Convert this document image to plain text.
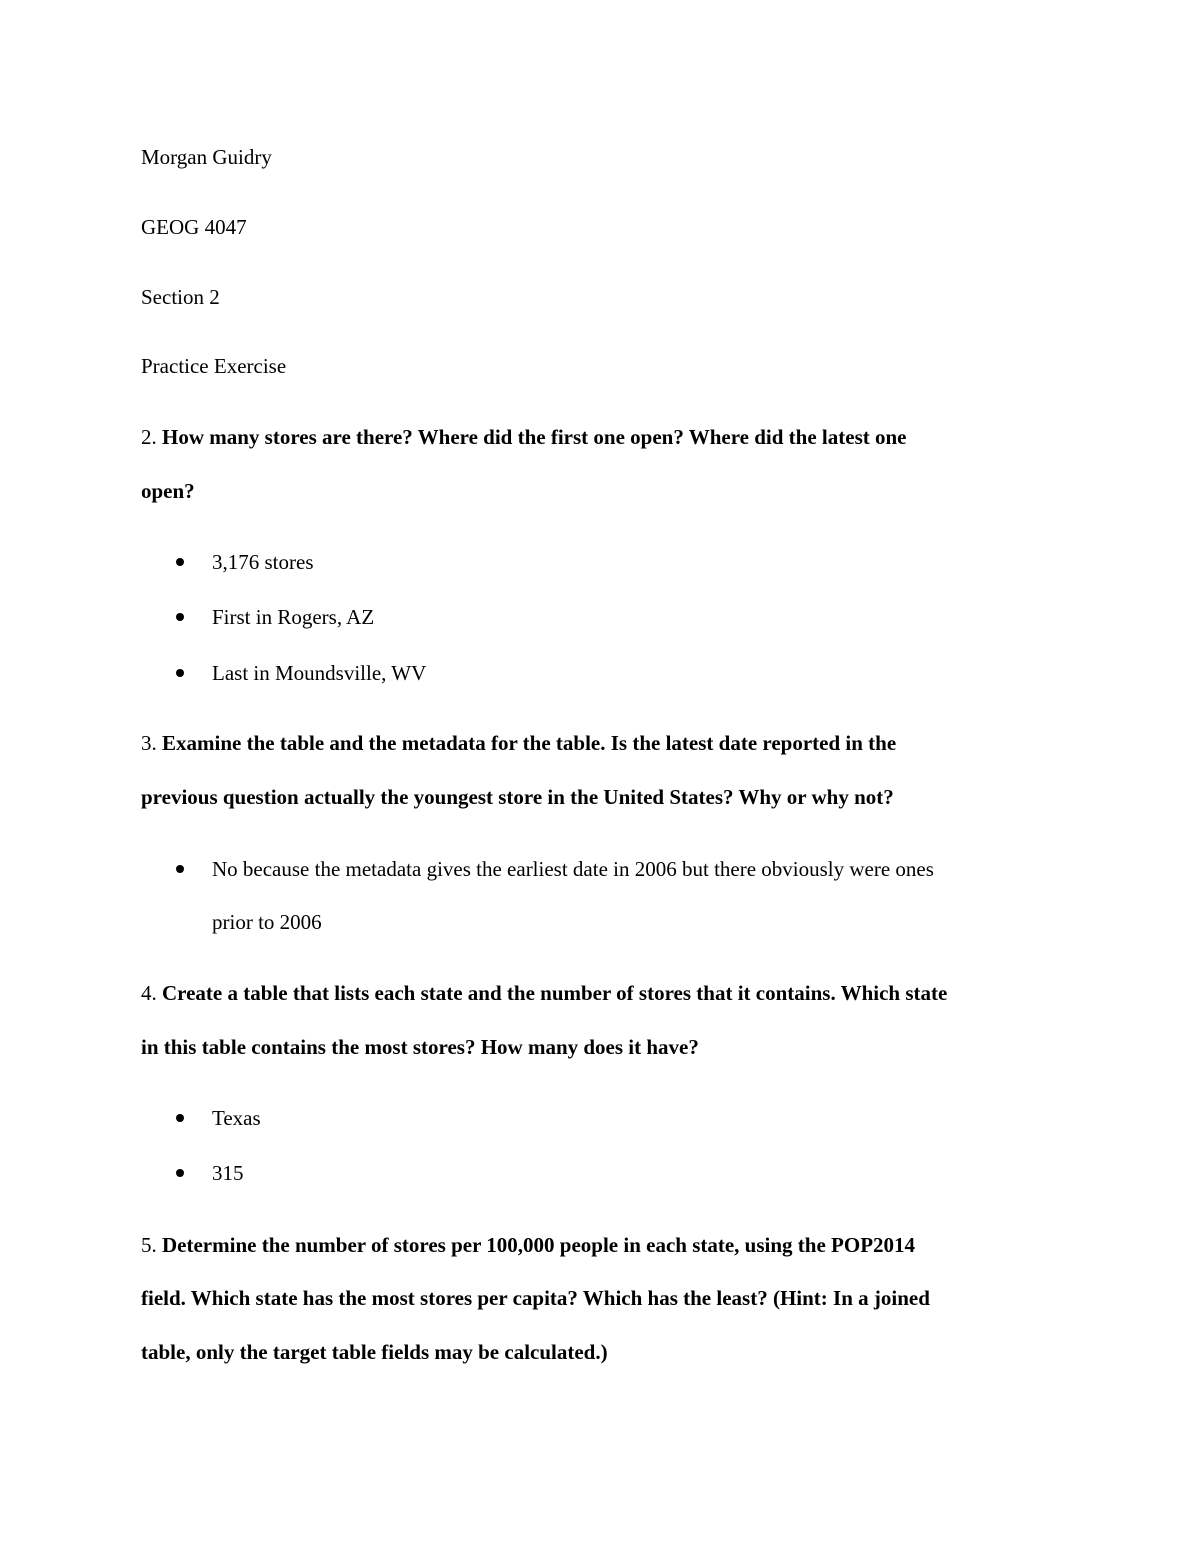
Morgan Guidry
GEOG 4047
Section 2
Practice Exercise
2. How many stores are there? Where did the first one open? Where did the latest one
open?
3,176 stores
First in Rogers, AZ
Last in Moundsville, WV
3. Examine the table and the metadata for the table. Is the latest date reported in the
previous question actually the youngest store in the United States? Why or why not?
No because the metadata gives the earliest date in 2006 but there obviously were ones
prior to 2006
4. Create a table that lists each state and the number of stores that it contains. Which state
in this table contains the most stores? How many does it have?
Texas
315
5. Determine the number of stores per 100,000 people in each state, using the POP2014
field. Which state has the most stores per capita? Which has the least? (Hint: In a joined
table, only the target table fields may be calculated.)
